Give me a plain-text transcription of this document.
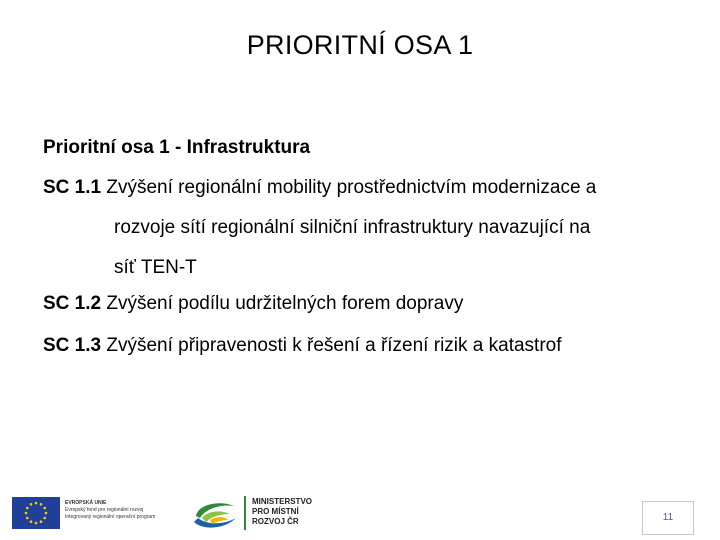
PRIORITNÍ OSA 1
Prioritní osa 1 - Infrastruktura
SC 1.1 Zvýšení regionální mobility prostřednictvím modernizace a
rozvoje sítí regionální silniční infrastruktury navazující na
síť TEN-T
SC 1.2 Zvýšení podílu udržitelných forem dopravy
SC 1.3 Zvýšení připravenosti k řešení a řízení rizik a katastrof
EVROPSKÁ UNIE
Evropský fond pro regionální rozvoj
Integrovaný regionální operační program
MINISTERSTVO
PRO MÍSTNÍ
ROZVOJ ČR	11
